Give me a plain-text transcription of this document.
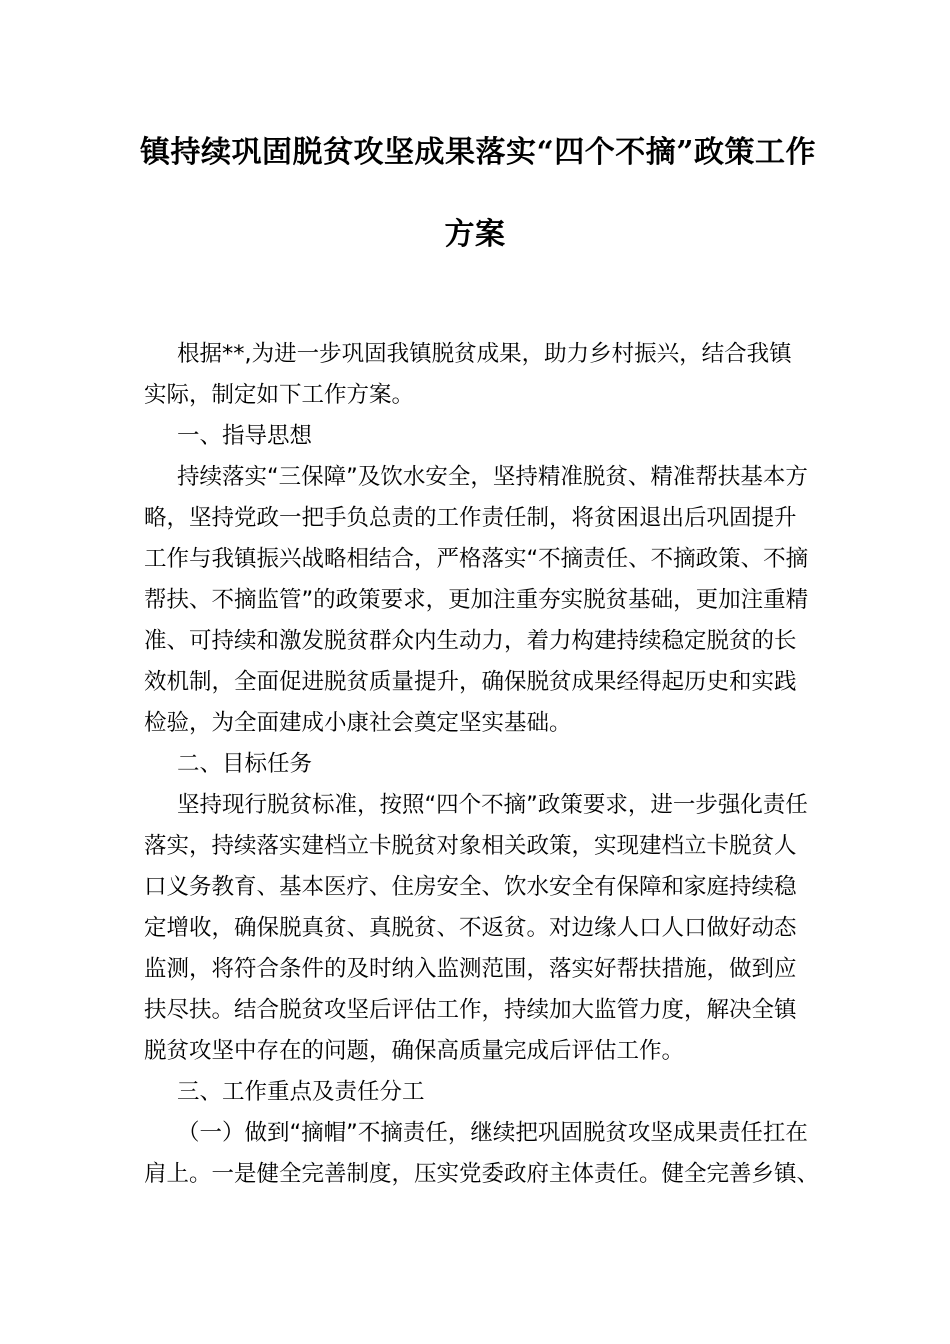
镇持续巩固脱贫攻坚成果落实“四个不摘”政策工作
方案
根据**,为进一步巩固我镇脱贫成果，助力乡村振兴，结合我镇
实际，制定如下工作方案。
一、指导思想
持续落实“三保障”及饮水安全，坚持精准脱贫、精准帮扶基本方
略，坚持党政一把手负总责的工作责任制，将贫困退出后巩固提升
工作与我镇振兴战略相结合，严格落实“不摘责任、不摘政策、不摘
帮扶、不摘监管”的政策要求，更加注重夯实脱贫基础，更加注重精
准、可持续和激发脱贫群众内生动力，着力构建持续稳定脱贫的长
效机制，全面促进脱贫质量提升，确保脱贫成果经得起历史和实践
检验，为全面建成小康社会奠定坚实基础。
二、目标任务
坚持现行脱贫标准，按照“四个不摘”政策要求，进一步强化责任
落实，持续落实建档立卡脱贫对象相关政策，实现建档立卡脱贫人
口义务教育、基本医疗、住房安全、饮水安全有保障和家庭持续稳
定增收，确保脱真贫、真脱贫、不返贫。对边缘人口人口做好动态
监测，将符合条件的及时纳入监测范围，落实好帮扶措施，做到应
扶尽扶。结合脱贫攻坚后评估工作，持续加大监管力度，解决全镇
脱贫攻坚中存在的问题，确保高质量完成后评估工作。
三、工作重点及责任分工
（一）做到“摘帽”不摘责任，继续把巩固脱贫攻坚成果责任扛在
肩上。一是健全完善制度，压实党委政府主体责任。健全完善乡镇、
